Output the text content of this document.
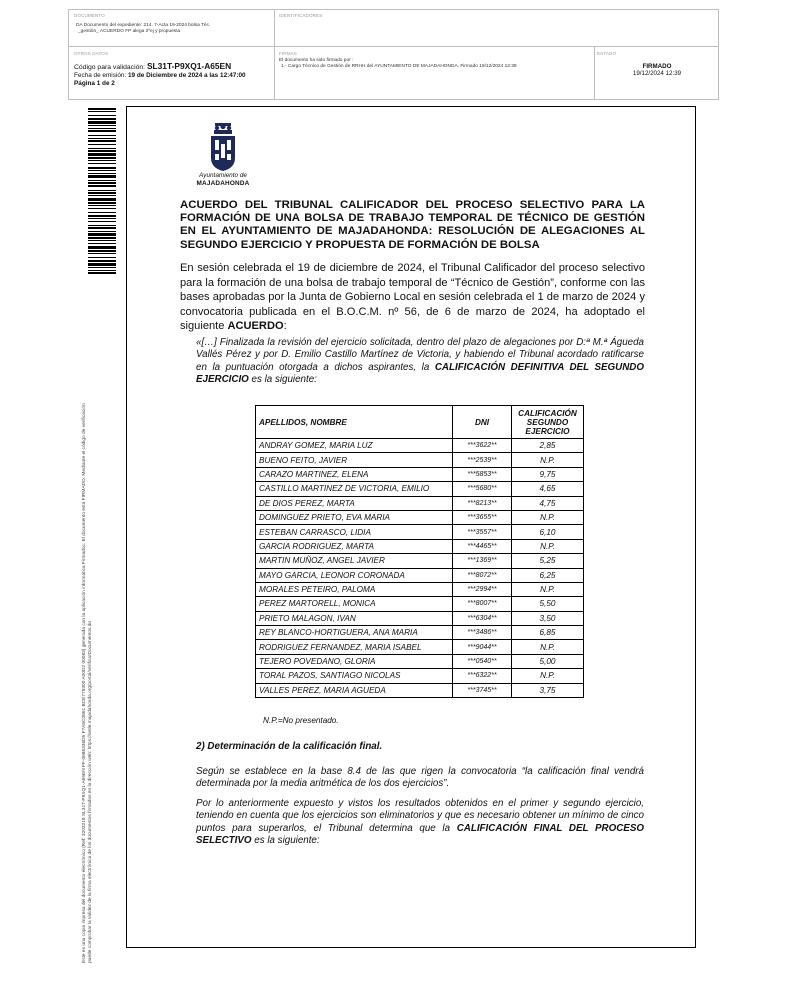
DOCUMENTO
DA Documento del expediente: 214. 7-Acta 19-2024 bolsa Téc.
_gestión_ ACUERDO FP alega 2ºej y propuesta
IDENTIFICADORES
OTROS DATOS
Código para validación: SL31T-P9XQ1-A65EN
Fecha de emisión: 19 de Diciembre de 2024 a las 12:47:00
Página 1 de 2
FIRMAS
El documento ha sido firmado por :
1.- Cargo Técnico de Gestión de RRHH del AYUNTAMIENTO DE MAJADAHONDA. Firmado 19/12/2024 12:39
ESTADO
FIRMADO
19/12/2024 12:39
Este es una copia impresa del documento electrónico (Ref: 3203218 SL31T-P9XQ1-A65EN FF-0686336D5 F7A5C0861 BCE779300 A00D2 00083) generada con la aplicación informática Firmadoc. El documento está FIRMADO. Mediante el código de verificación puede comprobar la validez de la firma electrónica de los documentos firmados en la dirección web: https://sede.majadahonda.org/portal/verificarDocumentos.do
Ayuntamiento de
MAJADAHONDA
ACUERDO DEL TRIBUNAL CALIFICADOR DEL PROCESO SELECTIVO PARA LA FORMACIÓN DE UNA BOLSA DE TRABAJO TEMPORAL DE TÉCNICO DE GESTIÓN EN EL AYUNTAMIENTO DE MAJADAHONDA: RESOLUCIÓN DE ALEGACIONES AL SEGUNDO EJERCICIO Y PROPUESTA DE FORMACIÓN DE BOLSA
En sesión celebrada el 19 de diciembre de 2024, el Tribunal Calificador del proceso selectivo para la formación de una bolsa de trabajo temporal de “Técnico de Gestión”, conforme con las bases aprobadas por la Junta de Gobierno Local en sesión celebrada el 1 de marzo de 2024 y convocatoria publicada en el B.O.C.M. nº 56, de 6 de marzo de 2024, ha adoptado el siguiente ACUERDO:
«[…] Finalizada la revisión del ejercicio solicitada, dentro del plazo de alegaciones por D:ª M.ª Águeda Vallés Pérez y por D. Emilio Castillo Martínez de Victoria, y habiendo el Tribunal acordado ratificarse en la puntuación otorgada a dichos aspirantes, la CALIFICACIÓN DEFINITIVA DEL SEGUNDO EJERCICIO es la siguiente:
APELLIDOS, NOMBRE	DNI	CALIFICACIÓN SEGUNDO EJERCICIO
ANDRAY GOMEZ, MARIA LUZ	***3622**	2,85
BUENO FEITO, JAVIER	***2539**	N.P.
CARAZO MARTINEZ, ELENA	***5853**	9,75
CASTILLO MARTINEZ DE VICTORIA, EMILIO	***5680**	4,65
DE DIOS PEREZ, MARTA	***8213**	4,75
DOMINGUEZ PRIETO, EVA MARIA	***3655**	N.P.
ESTEBAN CARRASCO, LIDIA	***3557**	6,10
GARCIA RODRIGUEZ, MARTA	***4465**	N.P.
MARTIN MUÑOZ, ANGEL JAVIER	***1369**	5,25
MAYO GARCIA, LEONOR CORONADA	***8072**	6,25
MORALES PETEIRO, PALOMA	***2994**	N.P.
PEREZ MARTORELL, MONICA	***8007**	5,50
PRIETO MALAGON, IVAN	***6304**	3,50
REY BLANCO-HORTIGUERA, ANA MARIA	***3486**	6,85
RODRIGUEZ FERNANDEZ, MARIA ISABEL	***9044**	N.P.
TEJERO POVEDANO, GLORIA	***0540**	5,00
TORAL PAZOS, SANTIAGO NICOLAS	***6322**	N.P.
VALLES PEREZ, MARIA AGUEDA	***3745**	3,75
N.P.=No presentado.
2) Determinación de la calificación final.
Según se establece en la base 8.4 de las que rigen la convocatoria “la calificación final vendrá determinada por la media aritmética de los dos ejercicios”.
Por lo anteriormente expuesto y vistos los resultados obtenidos en el primer y segundo ejercicio, teniendo en cuenta que los ejercicios son eliminatorios y que es necesario obtener un mínimo de cinco puntos para superarlos, el Tribunal determina que la CALIFICACIÓN FINAL DEL PROCESO SELECTIVO es la siguiente:
